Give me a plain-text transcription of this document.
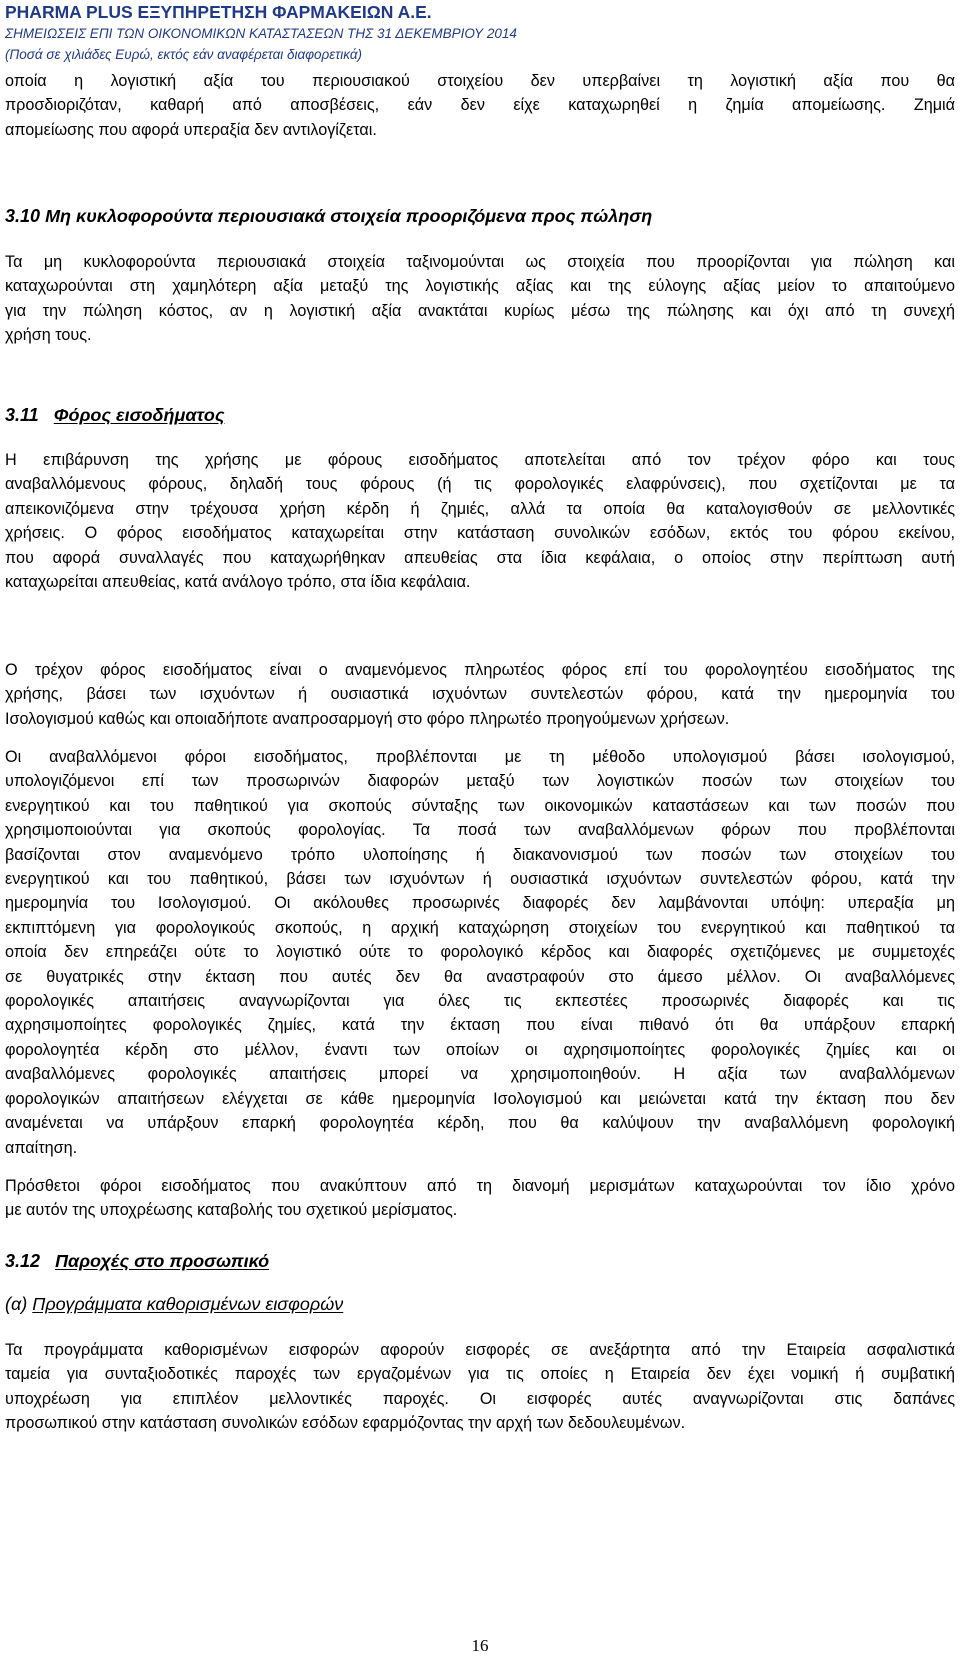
PHARMA PLUS ΕΞΥΠΗΡΕΤΗΣΗ ΦΑΡΜΑΚΕΙΩΝ Α.Ε.
ΣΗΜΕΙΩΣΕΙΣ ΕΠΙ ΤΩΝ ΟΙΚΟΝΟΜΙΚΩΝ ΚΑΤΑΣΤΑΣΕΩΝ ΤΗΣ 31 ΔΕΚΕΜΒΡΙΟΥ 2014
(Ποσά σε χιλιάδες Ευρώ, εκτός εάν αναφέρεται διαφορετικά)
οποία η λογιστική αξία του περιουσιακού στοιχείου δεν υπερβαίνει τη λογιστική αξία που θα
προσδιοριζόταν, καθαρή από αποσβέσεις, εάν δεν είχε καταχωρηθεί η ζημία απομείωσης. Ζημιά
απομείωσης που αφορά υπεραξία δεν αντιλογίζεται.
3.10 Μη κυκλοφορούντα περιουσιακά στοιχεία προοριζόμενα προς πώληση
Τα μη κυκλοφορούντα περιουσιακά στοιχεία ταξινομούνται ως στοιχεία που προορίζονται για πώληση και
καταχωρούνται στη χαμηλότερη αξία μεταξύ της λογιστικής αξίας και της εύλογης αξίας μείον το απαιτούμενο
για την πώληση κόστος, αν η λογιστική αξία ανακτάται κυρίως μέσω της πώλησης και όχι από τη συνεχή
χρήση τους.
3.11 Φόρος εισοδήματος
Η επιβάρυνση της χρήσης με φόρους εισοδήματος αποτελείται από τον τρέχον φόρο και τους
αναβαλλόμενους φόρους, δηλαδή τους φόρους (ή τις φορολογικές ελαφρύνσεις), που σχετίζονται με τα
απεικονιζόμενα στην τρέχουσα χρήση κέρδη ή ζημιές, αλλά τα οποία θα καταλογισθούν σε μελλοντικές
χρήσεις. Ο φόρος εισοδήματος καταχωρείται στην κατάσταση συνολικών εσόδων, εκτός του φόρου εκείνου,
που αφορά συναλλαγές που καταχωρήθηκαν απευθείας στα ίδια κεφάλαια, ο οποίος στην περίπτωση αυτή
καταχωρείται απευθείας, κατά ανάλογο τρόπο, στα ίδια κεφάλαια.
Ο τρέχον φόρος εισοδήματος είναι ο αναμενόμενος πληρωτέος φόρος επί του φορολογητέου εισοδήματος της
χρήσης, βάσει των ισχυόντων ή ουσιαστικά ισχυόντων συντελεστών φόρου, κατά την ημερομηνία του
Ισολογισμού καθώς και οποιαδήποτε αναπροσαρμογή στο φόρο πληρωτέο προηγούμενων χρήσεων.
Οι αναβαλλόμενοι φόροι εισοδήματος, προβλέπονται με τη μέθοδο υπολογισμού βάσει ισολογισμού,
υπολογιζόμενοι επί των προσωρινών διαφορών μεταξύ των λογιστικών ποσών των στοιχείων του
ενεργητικού και του παθητικού για σκοπούς σύνταξης των οικονομικών καταστάσεων και των ποσών που
χρησιμοποιούνται για σκοπούς φορολογίας. Τα ποσά των αναβαλλόμενων φόρων που προβλέπονται
βασίζονται στον αναμενόμενο τρόπο υλοποίησης ή διακανονισμού των ποσών των στοιχείων του
ενεργητικού και του παθητικού, βάσει των ισχυόντων ή ουσιαστικά ισχυόντων συντελεστών φόρου, κατά την
ημερομηνία του Ισολογισμού. Οι ακόλουθες προσωρινές διαφορές δεν λαμβάνονται υπόψη: υπεραξία μη
εκπιπτόμενη για φορολογικούς σκοπούς, η αρχική καταχώρηση στοιχείων του ενεργητικού και παθητικού τα
οποία δεν επηρεάζει ούτε το λογιστικό ούτε το φορολογικό κέρδος και διαφορές σχετιζόμενες με συμμετοχές
σε θυγατρικές στην έκταση που αυτές δεν θα αναστραφούν στο άμεσο μέλλον. Οι αναβαλλόμενες
φορολογικές απαιτήσεις αναγνωρίζονται για όλες τις εκπεστέες προσωρινές διαφορές και τις
αχρησιμοποίητες φορολογικές ζημίες, κατά την έκταση που είναι πιθανό ότι θα υπάρξουν επαρκή
φορολογητέα κέρδη στο μέλλον, έναντι των οποίων οι αχρησιμοποίητες φορολογικές ζημίες και οι
αναβαλλόμενες φορολογικές απαιτήσεις μπορεί να χρησιμοποιηθούν. Η αξία των αναβαλλόμενων
φορολογικών απαιτήσεων ελέγχεται σε κάθε ημερομηνία Ισολογισμού και μειώνεται κατά την έκταση που δεν
αναμένεται να υπάρξουν επαρκή φορολογητέα κέρδη, που θα καλύψουν την αναβαλλόμενη φορολογική
απαίτηση.
Πρόσθετοι φόροι εισοδήματος που ανακύπτουν από τη διανομή μερισμάτων καταχωρούνται τον ίδιο χρόνο
με αυτόν της υποχρέωσης καταβολής του σχετικού μερίσματος.
3.12 Παροχές στο προσωπικό
(α) Προγράμματα καθορισμένων εισφορών
Τα προγράμματα καθορισμένων εισφορών αφορούν εισφορές σε ανεξάρτητα από την Εταιρεία ασφαλιστικά
ταμεία για συνταξιοδοτικές παροχές των εργαζομένων για τις οποίες η Εταιρεία δεν έχει νομική ή συμβατική
υποχρέωση για επιπλέον μελλοντικές παροχές. Οι εισφορές αυτές αναγνωρίζονται στις δαπάνες
προσωπικού στην κατάσταση συνολικών εσόδων εφαρμόζοντας την αρχή των δεδουλευμένων.
16
